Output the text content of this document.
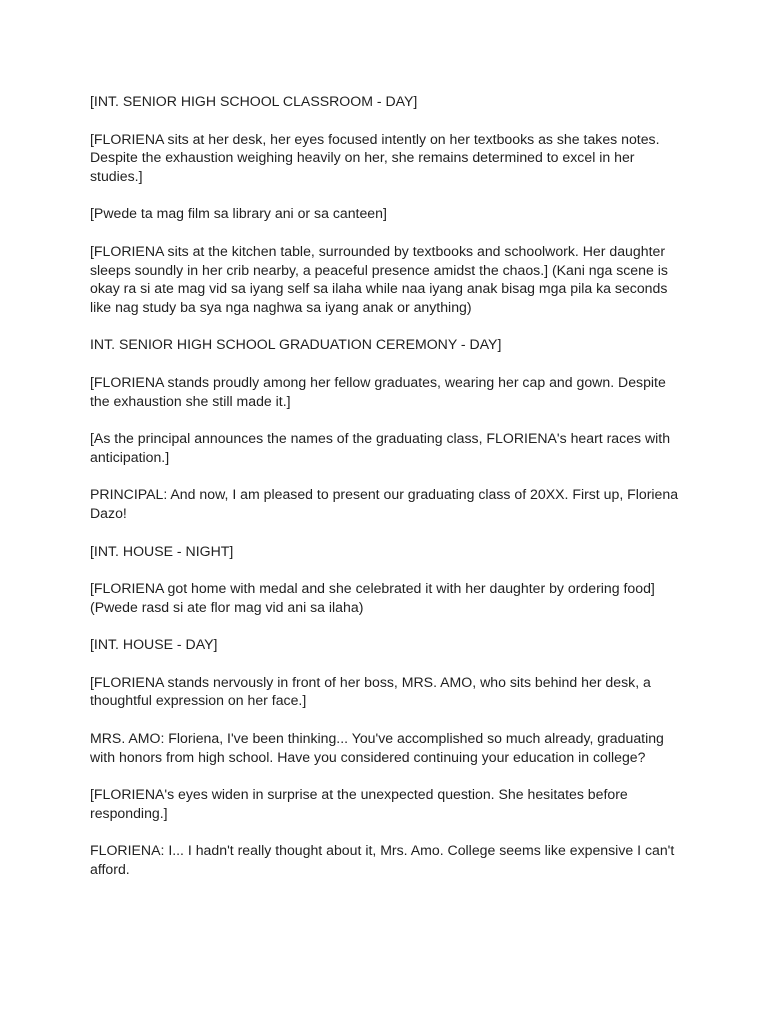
[INT. SENIOR HIGH SCHOOL CLASSROOM - DAY]

[FLORIENA sits at her desk, her eyes focused intently on her textbooks as she takes notes. Despite the exhaustion weighing heavily on her, she remains determined to excel in her studies.]

[Pwede ta mag film sa library ani or sa canteen]

[FLORIENA sits at the kitchen table, surrounded by textbooks and schoolwork. Her daughter sleeps soundly in her crib nearby, a peaceful presence amidst the chaos.] (Kani nga scene is okay ra si ate mag vid sa iyang self sa ilaha while naa iyang anak bisag mga pila ka seconds like nag study ba sya nga naghwa sa iyang anak or anything)

INT. SENIOR HIGH SCHOOL GRADUATION CEREMONY - DAY]

[FLORIENA stands proudly among her fellow graduates, wearing her cap and gown. Despite the exhaustion she still made it.]

[As the principal announces the names of the graduating class, FLORIENA's heart races with anticipation.]

PRINCIPAL: And now, I am pleased to present our graduating class of 20XX. First up, Floriena Dazo!

[INT. HOUSE - NIGHT]

[FLORIENA got home with medal and she celebrated it with her daughter by ordering food] (Pwede rasd si ate flor mag vid ani sa ilaha)

[INT. HOUSE - DAY]

[FLORIENA stands nervously in front of her boss, MRS. AMO, who sits behind her desk, a thoughtful expression on her face.]

MRS. AMO: Floriena, I've been thinking... You've accomplished so much already, graduating with honors from high school. Have you considered continuing your education in college?

[FLORIENA's eyes widen in surprise at the unexpected question. She hesitates before responding.]

FLORIENA: I... I hadn't really thought about it, Mrs. Amo. College seems like expensive I can't afford.
